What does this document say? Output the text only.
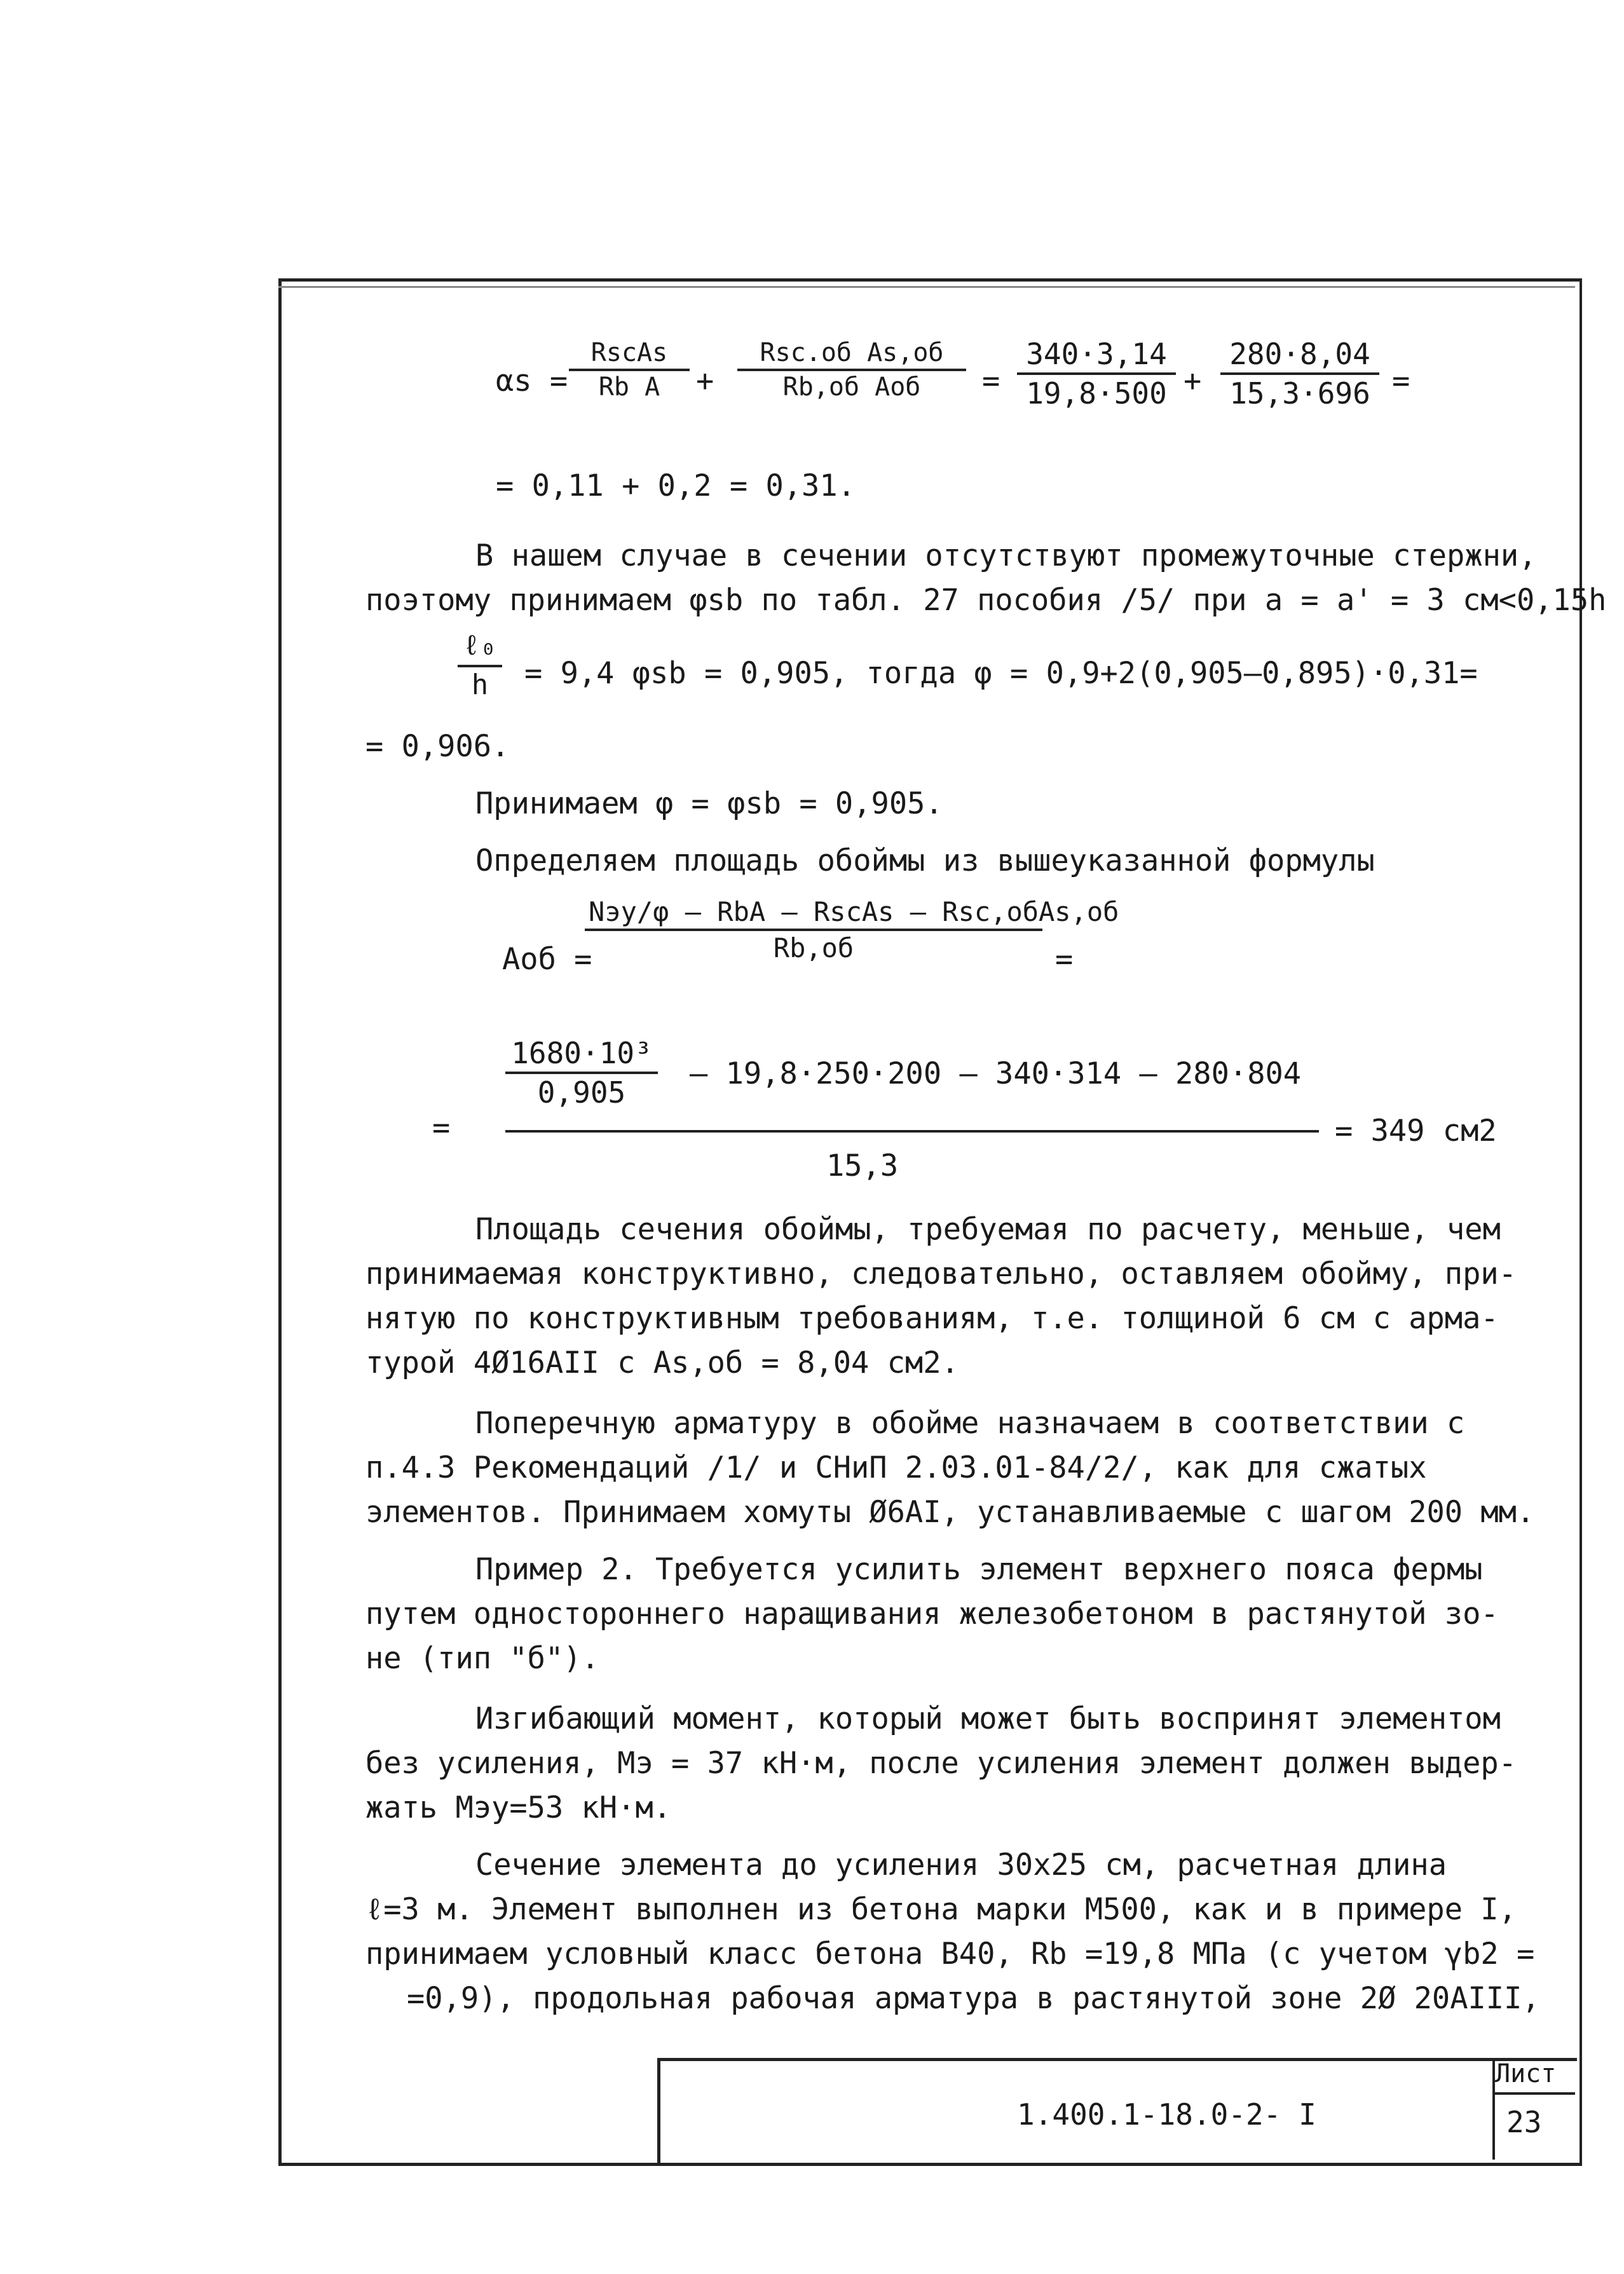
αs =
RscAs
Rb A	+
Rsc.об As,об
Rb,об Aоб	= $\frac{340\cdot 3,14}{19,8\cdot 500} + \frac{280\cdot 8,04}{15,3\cdot 696}$ =
= 0,11 + 0,2 = 0,31.
В нашем случае в сечении отсутствуют промежуточные стержни,
поэтому принимаем φsb по табл. 27 пособия /5/ при a = a' = 3 см<0,15h
ℓ₀
h	= 9,4 φsb = 0,905, тогда φ = 0,9+2(0,905–0,895)·0,31=
= 0,906.
Принимаем φ = φsb = 0,905.
Определяем площадь обоймы из вышеуказанной формулы
Aоб =
Nэу/φ – RbA – RscAs – Rsc,обAs,об
Rb,об	=
=
$\frac{\text{1680·10³}}{0,905} - 19,8\cdot 250\cdot 200 - 340\cdot 314 - 280\cdot 804$
15,3
= 349 см2
Площадь сечения обоймы, требуемая по расчету, меньше, чем
принимаемая конструктивно, следовательно, оставляем обойму, при-
нятую по конструктивным требованиям, т.е. толщиной 6 см с арма-
турой 4Ø16АII с As,об = 8,04 см2.
Поперечную арматуру в обойме назначаем в соответствии с
п.4.3 Рекомендаций /1/ и СНиП 2.03.01-84/2/, как для сжатых
элементов. Принимаем хомуты Ø6АI, устанавливаемые с шагом 200 мм.
Пример 2. Требуется усилить элемент верхнего пояса фермы
путем одностороннего наращивания железобетоном в растянутой зо-
не (тип "б").
Изгибающий момент, который может быть воспринят элементом
без усиления, Mэ = 37 кН·м, после усиления элемент должен выдер-
жать Mэу=53 кН·м.
Сечение элемента до усиления 30х25 см, расчетная длина
ℓ=3 м. Элемент выполнен из бетона марки М500, как и в примере I,
принимаем условный класс бетона В40, Rb =19,8 МПа (с учетом γb2 =
=0,9), продольная рабочая арматура в растянутой зоне 2Ø 20АIII,
1.400.1-18.0-2- I
Лист
23
